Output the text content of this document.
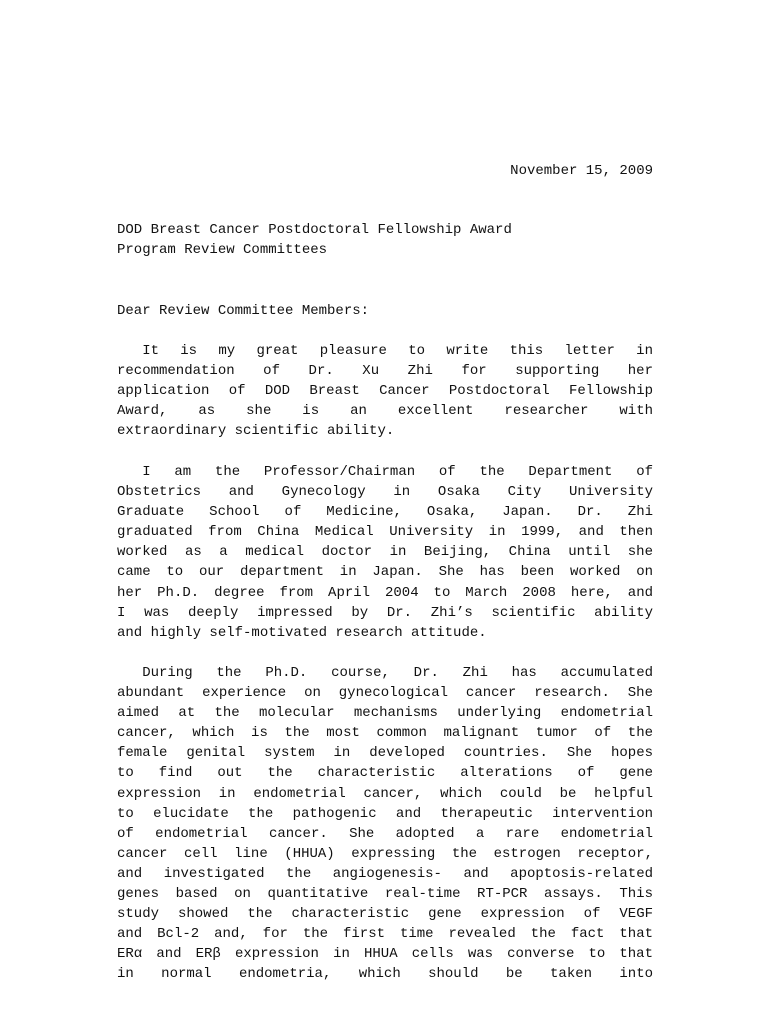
November 15, 2009
DOD Breast Cancer Postdoctoral Fellowship Award
Program Review Committees
Dear Review Committee Members:
It is my great pleasure to write this letter in
recommendation of Dr. Xu Zhi for supporting her
application of DOD Breast Cancer Postdoctoral Fellowship
Award, as she is an excellent researcher with
extraordinary scientific ability.
I am the Professor/Chairman of the Department of
Obstetrics and Gynecology in Osaka City University
Graduate School of Medicine, Osaka, Japan. Dr. Zhi
graduated from China Medical University in 1999, and then
worked as a medical doctor in Beijing, China until she
came to our department in Japan. She has been worked on
her Ph.D. degree from April 2004 to March 2008 here, and
I was deeply impressed by Dr. Zhi’s scientific ability
and highly self-motivated research attitude.
During the Ph.D. course, Dr. Zhi has accumulated
abundant experience on gynecological cancer research. She
aimed at the molecular mechanisms underlying endometrial
cancer, which is the most common malignant tumor of the
female genital system in developed countries. She hopes
to find out the characteristic alterations of gene
expression in endometrial cancer, which could be helpful
to elucidate the pathogenic and therapeutic intervention
of endometrial cancer. She adopted a rare endometrial
cancer cell line (HHUA) expressing the estrogen receptor,
and investigated the angiogenesis- and apoptosis-related
genes based on quantitative real-time RT-PCR assays. This
study showed the characteristic gene expression of VEGF
and Bcl-2 and, for the first time revealed the fact that
ERα and ERβ expression in HHUA cells was converse to that
in normal endometria, which should be taken into
